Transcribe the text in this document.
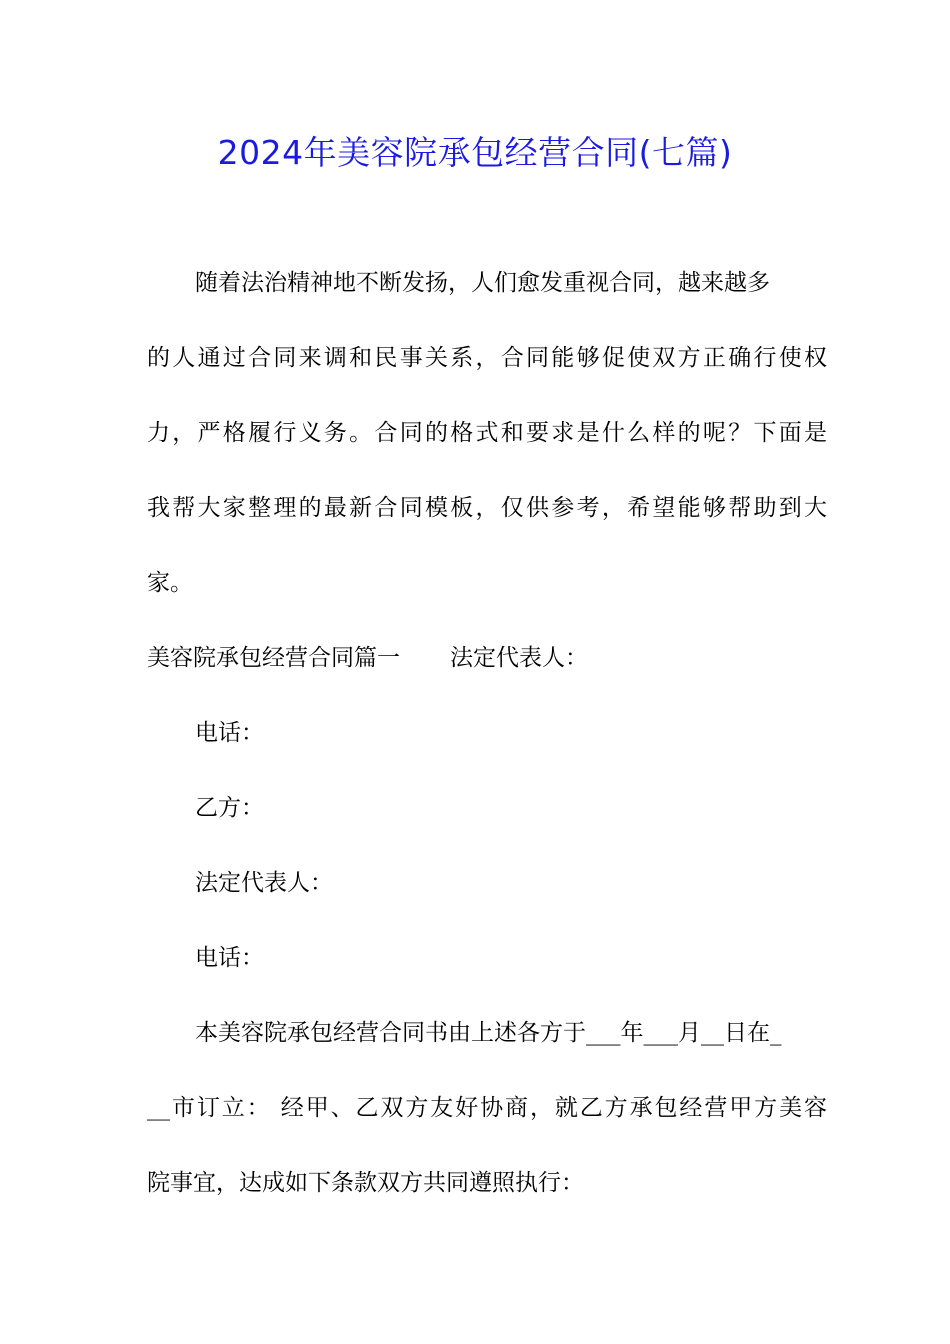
2024年美容院承包经营合同(七篇)

随着法治精神地不断发扬，人们愈发重视合同，越来越多

的人通过合同来调和民事关系，合同能够促使双方正确行使权

力，严格履行义务。合同的格式和要求是什么样的呢？下面是

我帮大家整理的最新合同模板，仅供参考，希望能够帮助到大

家。

美容院承包经营合同篇一 法定代表人：

电话：

乙方：

法定代表人：

电话：

本美容院承包经营合同书由上述各方于___年___月__日在_

__市订立： 经甲、乙双方友好协商，就乙方承包经营甲方美容

院事宜，达成如下条款双方共同遵照执行：
